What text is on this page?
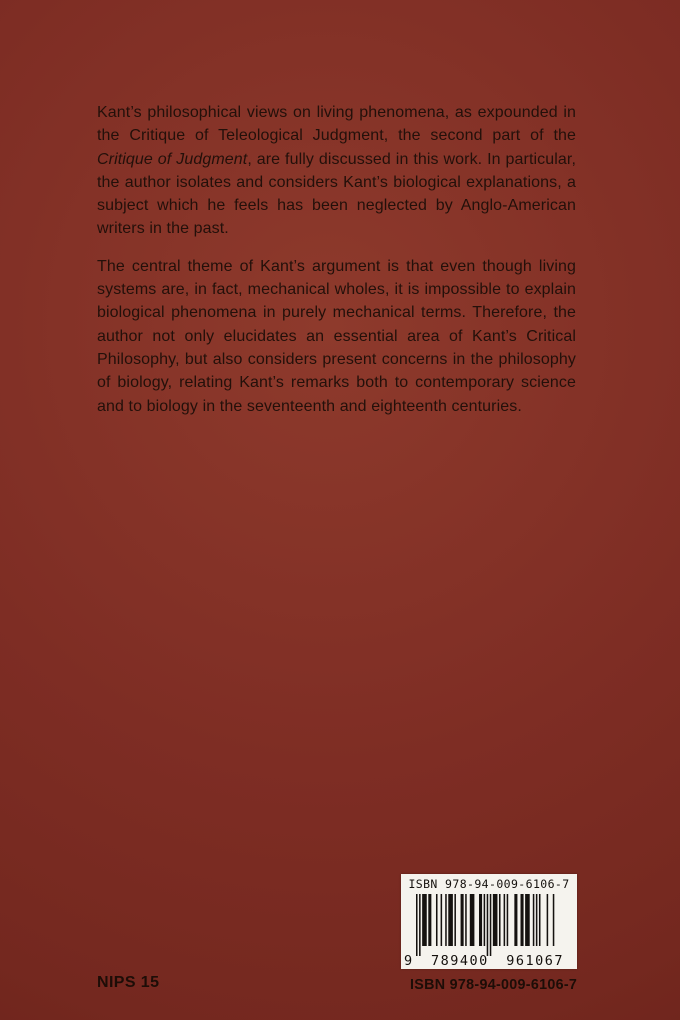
Kant’s philosophical views on living phenomena, as expounded in the Critique of Teleological Judgment, the second part of the Critique of Judgment, are fully discussed in this work. In particular, the author isolates and considers Kant’s biological explanations, a subject which he feels has been neglected by Anglo-American writers in the past.

The central theme of Kant’s argument is that even though living systems are, in fact, mechanical wholes, it is impossible to explain biological phenomena in purely mechanical terms. Therefore, the author not only elucidates an essential area of Kant’s Critical Philosophy, but also considers present concerns in the philosophy of biology, relating Kant’s remarks both to contemporary science and to biology in the seventeenth and eighteenth centuries.

ISBN 978-94-009-6106-7
9 789400 961067
NIPS 15	ISBN 978-94-009-6106-7
